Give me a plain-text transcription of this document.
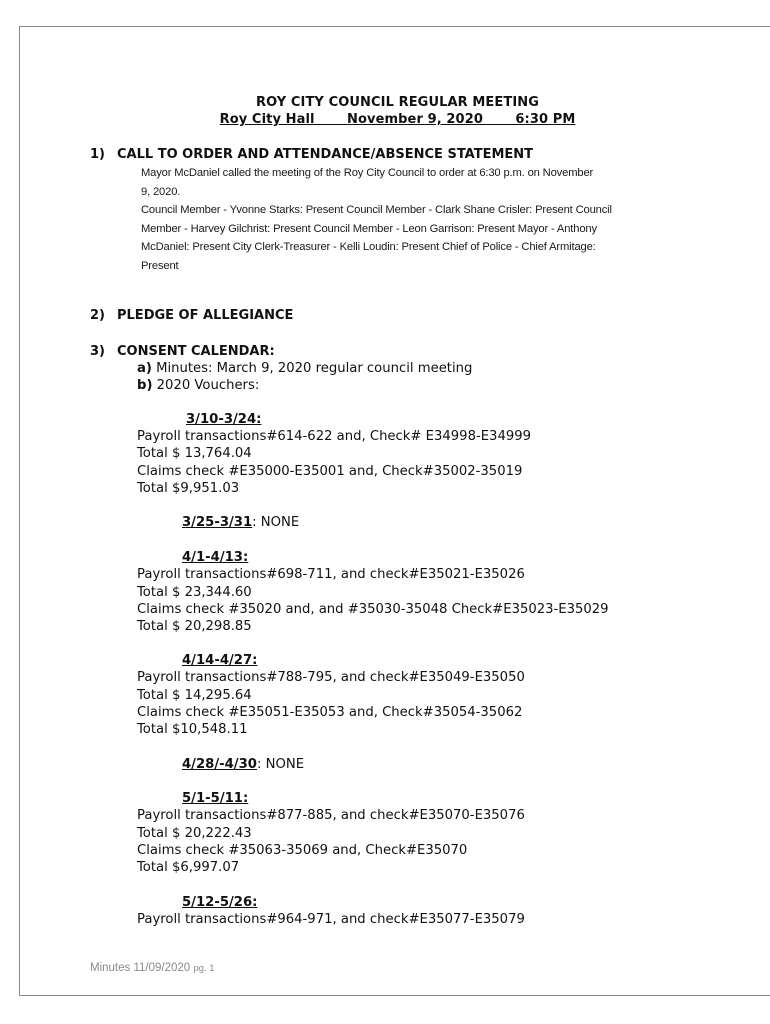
ROY CITY COUNCIL REGULAR MEETING
Roy City Hall       November 9, 2020       6:30 PM
1) CALL TO ORDER AND ATTENDANCE/ABSENCE STATEMENT
Mayor McDaniel called the meeting of the Roy City Council to order at 6:30 p.m. on November
9, 2020.
Council Member - Yvonne Starks: Present Council Member - Clark Shane Crisler: Present Council
Member - Harvey Gilchrist: Present Council Member - Leon Garrison: Present Mayor - Anthony
McDaniel: Present City Clerk-Treasurer - Kelli Loudin: Present Chief of Police - Chief Armitage:
Present
2) PLEDGE OF ALLEGIANCE
3) CONSENT CALENDAR:
a) Minutes: March 9, 2020 regular council meeting
b) 2020 Vouchers:
3/10-3/24:
Payroll transactions#614-622 and, Check# E34998-E34999
Total $ 13,764.04
Claims check #E35000-E35001 and, Check#35002-35019
Total $9,951.03
3/25-3/31: NONE
4/1-4/13:
Payroll transactions#698-711, and check#E35021-E35026
Total $ 23,344.60
Claims check #35020 and, and #35030-35048 Check#E35023-E35029
Total $ 20,298.85
4/14-4/27:
Payroll transactions#788-795, and check#E35049-E35050
Total $ 14,295.64
Claims check #E35051-E35053 and, Check#35054-35062
Total $10,548.11
4/28/-4/30: NONE
5/1-5/11:
Payroll transactions#877-885, and check#E35070-E35076
Total $ 20,222.43
Claims check #35063-35069 and, Check#E35070
Total $6,997.07
5/12-5/26:
Payroll transactions#964-971, and check#E35077-E35079
Minutes 11/09/2020 pg. 1
